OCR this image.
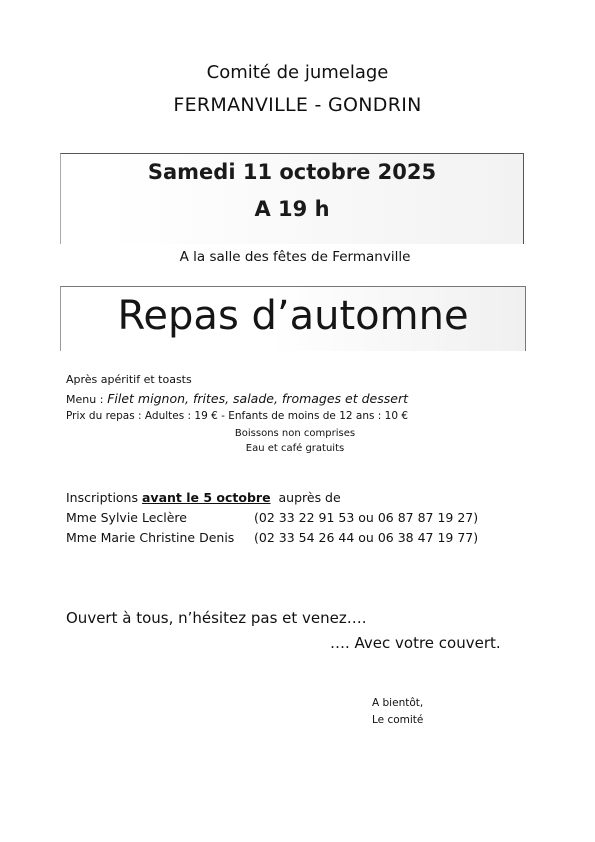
Comité de jumelage
FERMANVILLE - GONDRIN
Samedi 11 octobre 2025
A 19 h
A la salle des fêtes de Fermanville
Repas d’automne
Après apéritif et toasts
Menu : Filet mignon, frites, salade, fromages et dessert
Prix du repas : Adultes : 19 € - Enfants de moins de 12 ans : 10 €
Boissons non comprises
Eau et café gratuits
Inscriptions avant le 5 octobre  auprès de
Mme Sylvie Leclère	(02 33 22 91 53 ou 06 87 87 19 27)
Mme Marie Christine Denis (02 33 54 26 44 ou 06 38 47 19 77)
Ouvert à tous, n’hésitez pas et venez….
…. Avec votre couvert.
A bientôt,
Le comité
